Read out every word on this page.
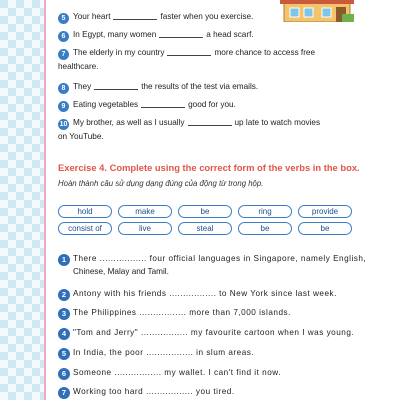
5 Your heart	faster when you exercise.
6 In Egypt, many women	a head scarf.
7 The elderly in my country	more chance to access free
healthcare.
8 They	the results of the test via emails.
9 Eating vegetables	good for you.
10 My brother, as well as I usually	up late to watch movies
on YouTube.
Exercise 4. Complete using the correct form of the verbs in the box.
Hoàn thành câu sử dụng dạng đúng của động từ trong hộp.
hold	make	be	ring	provide
consist of	live	steal	be	be
1 There ................. four official languages in Singapore, namely English,
Chinese, Malay and Tamil.
2 Antony with his friends ................. to New York since last week.
3 The Philippines ................. more than 7,000 islands.
4 "Tom and Jerry" ................. my favourite cartoon when I was young.
5 In India, the poor ................. in slum areas.
6 Someone ................. my wallet. I can't find it now.
7 Working too hard ................. you tired.
